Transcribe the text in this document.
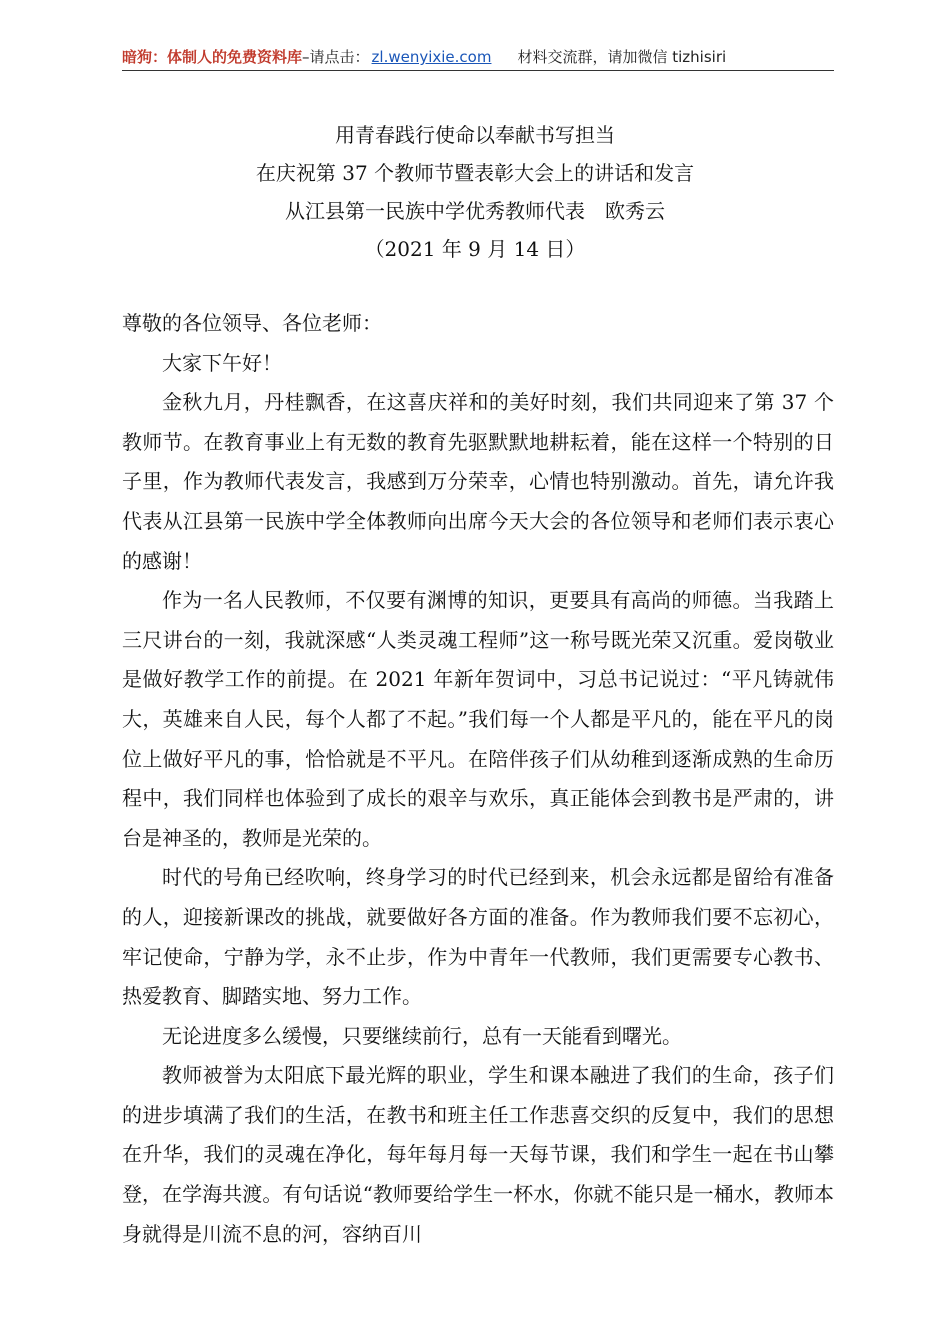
暗狗：体制人的免费资料库–请点击： zl.wenyixie.com 材料交流群，请加微信 tizhisiri
用青春践行使命以奉献书写担当
在庆祝第 37 个教师节暨表彰大会上的讲话和发言
从江县第一民族中学优秀教师代表　欧秀云
（2021 年 9 月 14 日）

尊敬的各位领导、各位老师：

大家下午好！

金秋九月，丹桂飘香，在这喜庆祥和的美好时刻，我们共同迎来了第 37 个教师节。在教育事业上有无数的教育先驱默默地耕耘着，能在这样一个特别的日子里，作为教师代表发言，我感到万分荣幸，心情也特别激动。首先，请允许我代表从江县第一民族中学全体教师向出席今天大会的各位领导和老师们表示衷心的感谢！

作为一名人民教师，不仅要有渊博的知识，更要具有高尚的师德。当我踏上三尺讲台的一刻，我就深感“人类灵魂工程师”这一称号既光荣又沉重。爱岗敬业是做好教学工作的前提。在 2021 年新年贺词中，习总书记说过：“平凡铸就伟大，英雄来自人民，每个人都了不起。”我们每一个人都是平凡的，能在平凡的岗位上做好平凡的事，恰恰就是不平凡。在陪伴孩子们从幼稚到逐渐成熟的生命历程中，我们同样也体验到了成长的艰辛与欢乐，真正能体会到教书是严肃的，讲台是神圣的，教师是光荣的。

时代的号角已经吹响，终身学习的时代已经到来，机会永远都是留给有准备的人，迎接新课改的挑战，就要做好各方面的准备。作为教师我们要不忘初心，牢记使命，宁静为学，永不止步，作为中青年一代教师，我们更需要专心教书、热爱教育、脚踏实地、努力工作。

无论进度多么缓慢，只要继续前行，总有一天能看到曙光。

教师被誉为太阳底下最光辉的职业，学生和课本融进了我们的生命，孩子们的进步填满了我们的生活，在教书和班主任工作悲喜交织的反复中，我们的思想在升华，我们的灵魂在净化，每年每月每一天每节课，我们和学生一起在书山攀登，在学海共渡。有句话说“教师要给学生一杯水，你就不能只是一桶水，教师本身就得是川流不息的河，容纳百川
